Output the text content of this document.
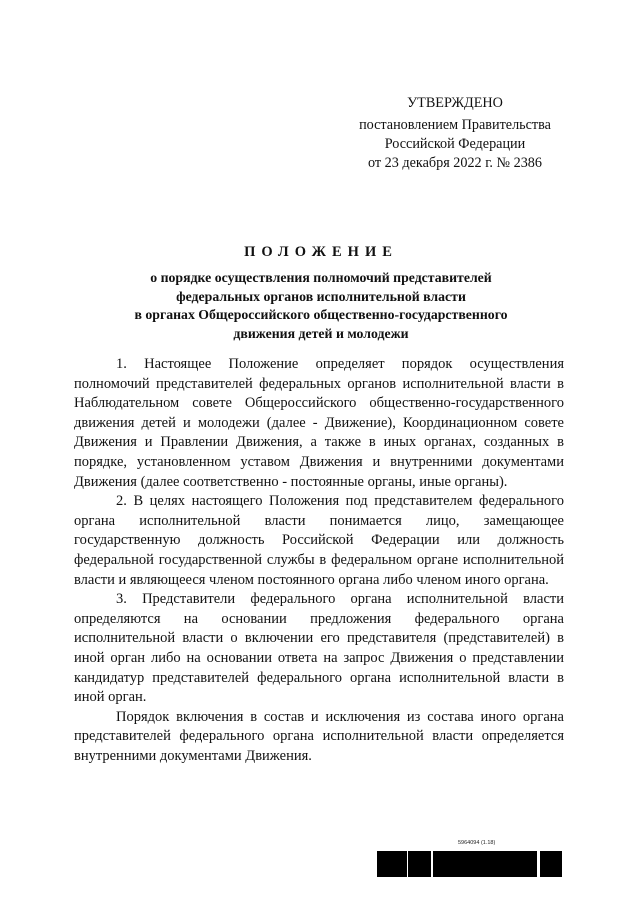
УТВЕРЖДЕНО
постановлением Правительства
Российской Федерации
от 23 декабря 2022 г. № 2386
ПОЛОЖЕНИЕ
о порядке осуществления полномочий представителей
федеральных органов исполнительной власти
в органах Общероссийского общественно-государственного
движения детей и молодежи

1. Настоящее Положение определяет порядок осуществления полномочий представителей федеральных органов исполнительной власти в Наблюдательном совете Общероссийского общественно-государственного движения детей и молодежи (далее - Движение), Координационном совете Движения и Правлении Движения, а также в иных органах, созданных в порядке, установленном уставом Движения и внутренними документами Движения (далее соответственно - постоянные органы, иные органы).

2. В целях настоящего Положения под представителем федерального органа исполнительной власти понимается лицо, замещающее государственную должность Российской Федерации или должность федеральной государственной службы в федеральном органе исполнительной власти и являющееся членом постоянного органа либо членом иного органа.

3. Представители федерального органа исполнительной власти определяются на основании предложения федерального органа исполнительной власти о включении его представителя (представителей) в иной орган либо на основании ответа на запрос Движения о представлении кандидатур представителей федерального органа исполнительной власти в иной орган.

Порядок включения в состав и исключения из состава иного органа представителей федерального органа исполнительной власти определяется внутренними документами Движения.

5964094 (1.18)
